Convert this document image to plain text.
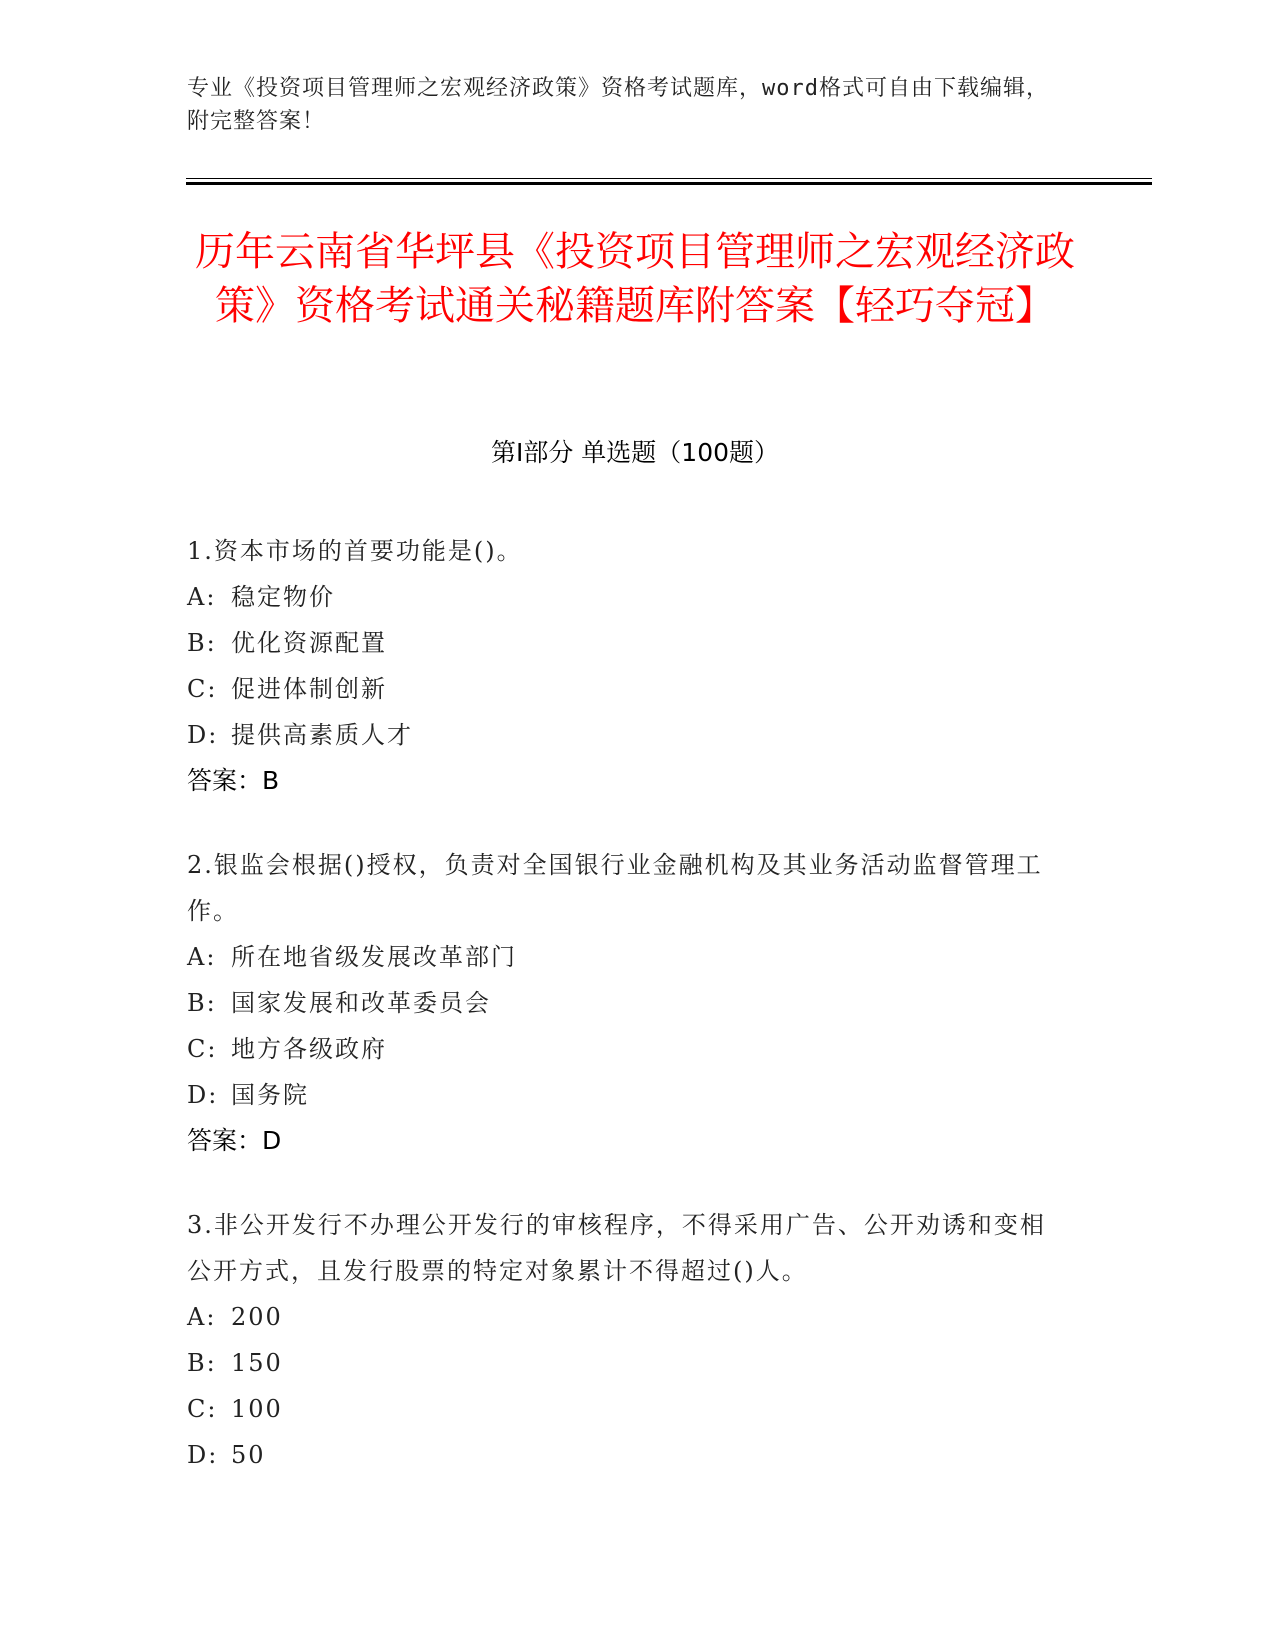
专业《投资项目管理师之宏观经济政策》资格考试题库，word格式可自由下载编辑，附完整答案！
历年云南省华坪县《投资项目管理师之宏观经济政策》资格考试通关秘籍题库附答案【轻巧夺冠】
第I部分 单选题（100题）
1.资本市场的首要功能是()。
A: 稳定物价
B: 优化资源配置
C: 促进体制创新
D: 提供高素质人才
答案：B
2.银监会根据()授权，负责对全国银行业金融机构及其业务活动监督管理工作。
A: 所在地省级发展改革部门
B: 国家发展和改革委员会
C: 地方各级政府
D: 国务院
答案：D
3.非公开发行不办理公开发行的审核程序，不得采用广告、公开劝诱和变相公开方式，且发行股票的特定对象累计不得超过()人。
A: 200
B: 150
C: 100
D: 50
